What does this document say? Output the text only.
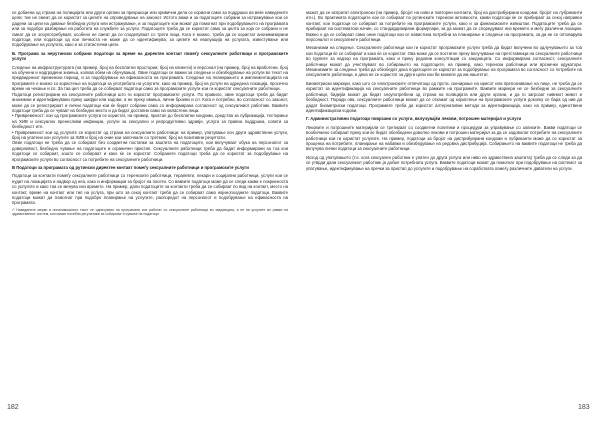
се добиени од страна на полицијата или други органи за прекршоци или кривични дела се корисни само за поддршка на веќе наведените цели; тие не смеат да се користат за целите на спроведување на законот. Истото важи и за податоците собрани за истражување кои се дадени за цели на давање безбедна услуга или истражување, и за податоците кои можат да помогнат при подобрувањето на програмата или за подобро разбирање на работата на службите за услуги. Податоците треба да се користат само за целта за која се собрани и не смеат да се злоупотребуваат, особено не смеат да се споделуваат со трети лица. Кога е можно, треба да се користат анонимизирани податоци, или податоци од кои личноста не може да се идентификува, за целите на евалуација на услугата, известување или подобрување на услугата, како и за статистички цели.

Б. Програма за нерутински собрани податоци за време на директен контакт помеѓу сексуалните работници и програмските услуги

Следење на инфраструктурата (на пример, број на бесплатни простории; број на клиенти) и персонал (на пример, број на вработени, број на обучени и надградени знаења, колкав обем на обучувања). Овие податоци се важни за следење и обезбедување на услуги во текот на предвидениот временски период, и за подобрување на ефикасноста на програмата. Следење на планирањето и имплементацијата на програмите е можно со користење на податоци за употребата на услугите, како на пример, број на услуги на одредена локација, просечно време на чекање и сл. За таа цел треба да се собираат податоци само за програмските услуги кои ги користат сексуалните работници.

Податоци регистрирани на сексуалните работници што ги користат програмските услуги. По правило, овие податоци треба да бидат анонимни и идентификувани преку шифри или кодови, а не преку имиња, лични броеви и сл. Кога е потребно, во согласност со законот, може да се регистрираат и лични податоци кои ќе бидат собрани само со информирана согласност од сексуалниот работник. Ваквите податоци треба да се чуваат на безбедно место и да бидат достапни само на овластени лица.

• Привременост: кои од програмските услуги се користат, на пример, пристап до бесплатни кондоми, средства за лубрикација, тестирање на ХИВ и сексуално пренесливи инфекции, услуги за сексуално и репродуктивно здравје, услуги за правна поддршка, совети за безбедност итн.

• Привременост кои од услугите се користат од страна на сексуалните работници: на пример, упатување кон други здравствени услуги, број на упатени кон услугите за ХИВ и број на оние кои започнале со третман; број на позитивни резултати.

Овие податоци не треба да се собираат без соодветни постапки за заштита на податоците, кои вклучуваат обука на персоналот за доверливост, безбедно чување на податоците и ограничен пристап. Сексуалните работници треба да бидат информирани за тоа кои податоци се собираат, зошто се собираат и како ќе се користат. Собраните податоци треба да се користат за подобрување на програмските услуги во согласност со потребите на сексуалните работници.

В Податоци за програмата од рутински директен контакт помеѓу сексуалните работници и програмските услуги

Податоци за контакти помеѓу сексуалните работници со теренските работници, терапевти, лекари и социјални работници, услуги кои се нудат на локацијата и надвор од неа, како и информации за бројот на посети. Со ваквите податоци може да се следи каква е покриеноста со услугите и како таа се менува низ времето. На пример, дали податоците за контакти треба да се собираат по вид на контакт, место на контакт, време на контакт или тип на услуга, при што за секој контакт треба да се собираат само најнеопходните податоци. Ваквите податоци можат да помогнат при подобро планирање на услугите, распоредот на персоналот и подобрување на ефикасноста на програмата.

¹⁰ Наведените мерки и понатамошниот текст се однесуваат на програмите кои работат со сексуалните работници во заедницата, а не на услугите во рамки на здравствениот систем, кои имаат посебни регулативи за собирање и чување на податоци.

можат да се испратат електронски (на пример, бројот на нови и повторни контакти, број на дистрибуирани кондоми, бројот на лубриканти итн.). Во практиката податоците кои се собираат по рутинските теренски активности, какви податоци ќе се прибираат за секој направен контакт, кои податоци се собираат за потребите на програмските услуги, како и за финансиските извештаи. Податоците треба да се прибираат на систематски начин, со стандардизирани формулари, за да можат да се споредуваат низ времето и меѓу различни локации. Важно е да се собираат само оние податоци кои се навистина потребни за планирање и следење на програмата, за да не се оптоварува персоналот и сексуалните работници.

Механизми на следење. Сексуалните работници кои ги користат програмските услуги треба да бидат вклучени во одлучувањето за тоа кои податоци ќе се собираат и како ќе се користат. Ова може да се постигне преку вклучување на претставници на сексуалните работници во групите за надзор на програмата, како и преку редовни консултации со заедницата. Со информирана согласност, сексуалните работници можат да учествуваат во собирањето на податоците, на пример, како теренски работници или врснички едукатори. Механизмите за следење треба да обезбедат дека податоците се користат за подобрување на програмата во согласност со потребите на сексуалните работници, и дека не се користат за други цели кои би можеле да им наштетат.

Биометриски маркери, како што се електронските отпечатоци од прсти, скенирање на ирисот или препознавање на лице, не треба да се користат за идентификација на сексуалните работници во рамките на програмите. Ваквите маркери не се безбедни за сексуалните работници, бидејќи можат да бидат злоупотребени од страна на полицијата или други органи, и да го загрозат нивниот живот и безбедност. Поради ова, сексуалните работници можат да се откажат од користење на програмските услуги доколку се бара од нив да дадат биометриски податоци. Програмите треба да користат алтернативни методи за идентификација, како на пример, единствени идентификациски кодови.

Г. Административни податоци поврзани со услуги, вклучувајќи лекови, потрошен материјал и услуги

Лековите и потрошните материјали се третираат со соодветни политики и процедури за управување со залихите. Вакви податоци се вообичаено собираат преку кои ќе бидат обезбедени доволно лекови и потрошен материјал за да се задоволат потребите на сексуалните работници кои ги користат услугите. На пример, податоци за бројот на дистрибуирани кондоми и лубриканти може да се користат за проценка на потребите, планирање на набавки и обезбедување на редовна дистрибуција. Собирањето на ваквите податоци не треба да вклучува лични податоци за сексуалните работници.

Исход од упатувањето (т.е. кога сексуален работник е упатен до друга услуга или ниво на здравствена заштита) треба да се следи за да се утврди дали сексуалниот работник ја добил потребната услуга. Ваквите податоци можат да помогнат при подобрување на системот за упатување, идентификување на пречки за пристап до услугите и подобрување на соработката помеѓу различните даватели на услуги.

182	183
